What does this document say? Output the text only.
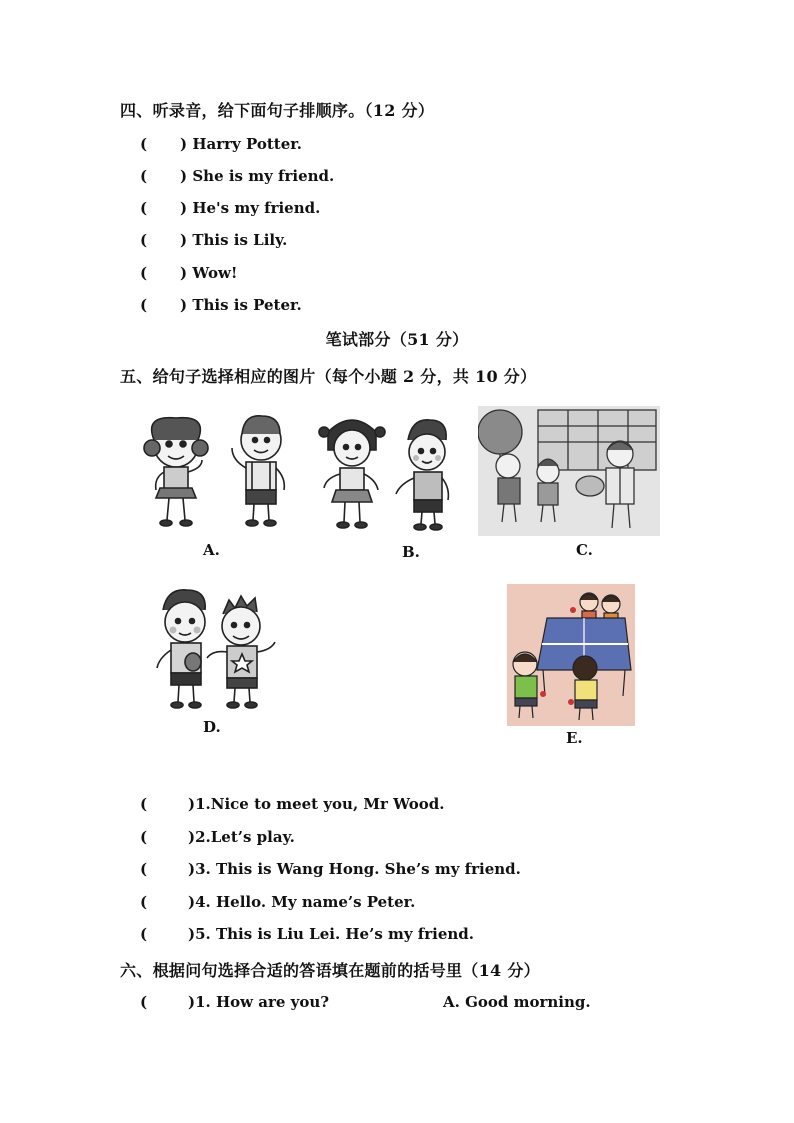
四、听录音，给下面句子排顺序。（12 分）
(	)
Harry Potter.
(	)
She is my friend.
(	)
He's my friend.
(	)
This is Lily.
(	)
Wow!
(	)
This is Peter.
笔试部分（51 分）
五、给句子选择相应的图片（每个小题 2 分，共 10 分）
A.	B.	C.
D.
E.
(	)1.Nice to meet you, Mr Wood.
(	)2.Let’s play.
(	)3. This is Wang Hong. She’s my friend.
(	)4. Hello. My name’s Peter.
(	)5. This is Liu Lei. He’s my friend.
六、根据问句选择合适的答语填在题前的括号里（14 分）
(	)1. How are you?	A. Good morning.
